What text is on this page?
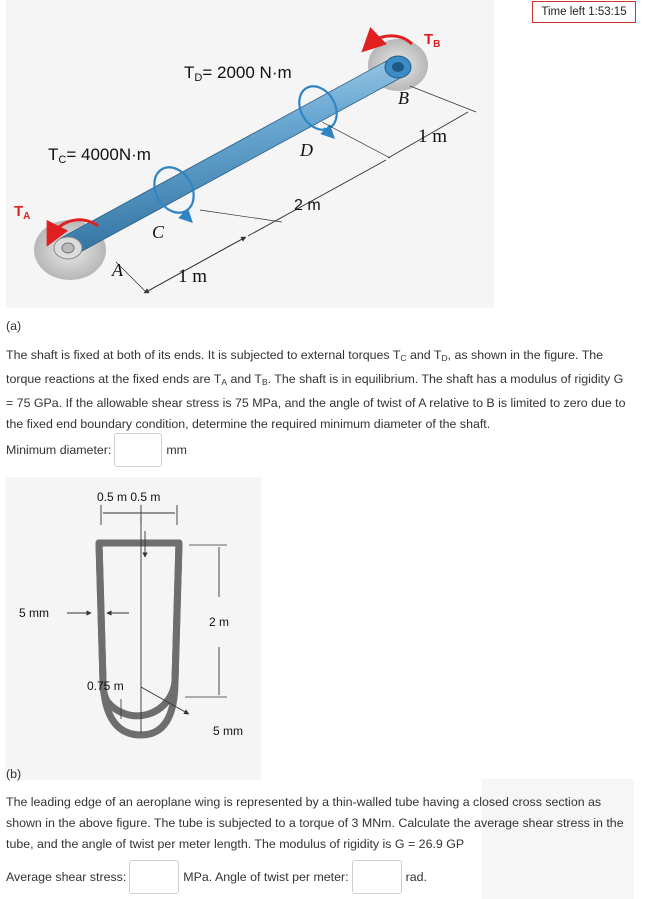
Time left 1:53:15
$T_B$
TD= 2000 N·m
TC= 4000N·m
$T_A$
B
D
C
A
1 m
2 m
1 m
(a)

The shaft is fixed at both of its ends. It is subjected to external torques $T_C$ and $T_D$, as shown in the figure. The torque reactions at the fixed ends are $T_A$ and $T_B$. The shaft is in equilibrium. The shaft has a modulus of rigidity G = 75 GPa. If the allowable shear stress is 75 MPa, and the angle of twist of A relative to B is limited to zero due to the fixed end boundary condition, determine the required minimum diameter of the shaft.

Minimum diameter:	mm
0.5 m 0.5 m
5 mm
2 m
0.75 m
5 mm
(b)

The leading edge of an aeroplane wing is represented by a thin-walled tube having a closed cross section as shown in the above figure. The tube is subjected to a torque of 3 MNm. Calculate the average shear stress in the tube, and the angle of twist per meter length. The modulus of rigidity is G = 26.9 GP

Average shear stress:	MPa. Angle of twist per meter:	rad.
